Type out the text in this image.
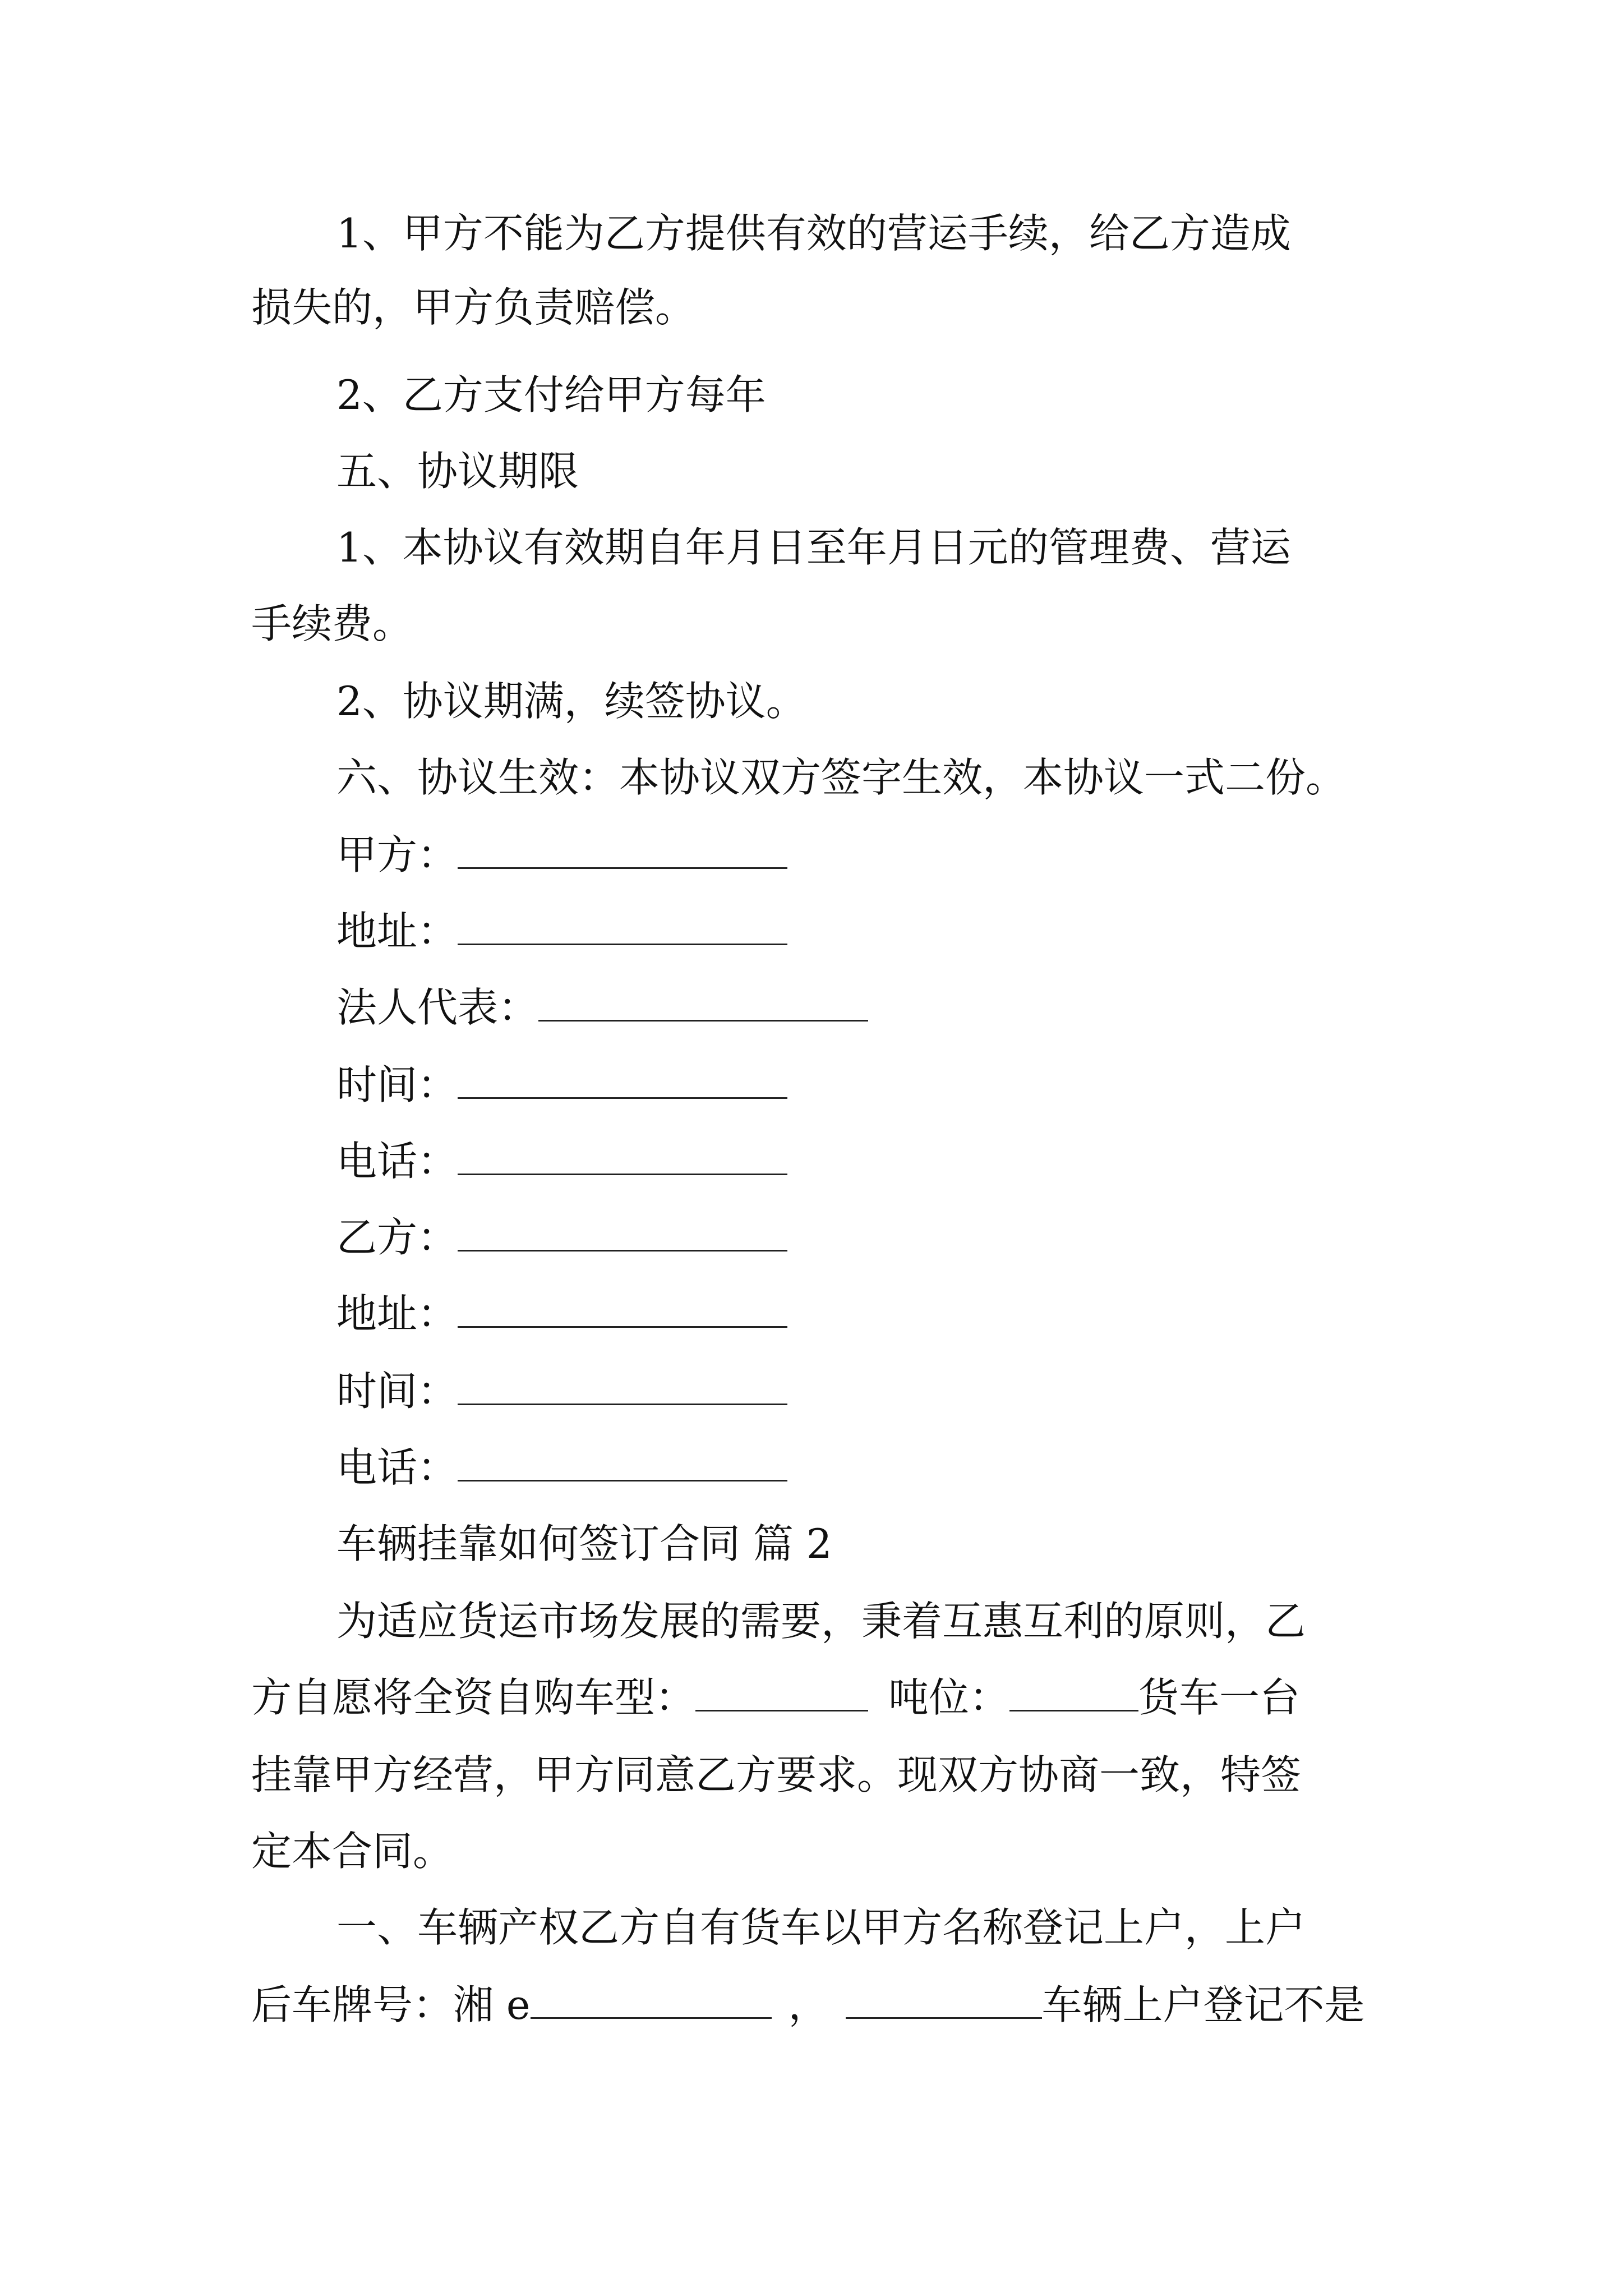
1、甲方不能为乙方提供有效的营运手续，给乙方造成
损失的，甲方负责赔偿。
2、乙方支付给甲方每年
五、协议期限
1、本协议有效期自年月日至年月日元的管理费、营运
手续费。
2、协议期满，续签协议。
六、协议生效：本协议双方签字生效，本协议一式二份。
甲方：
地址：
法人代表：
时间：
电话：
乙方：
地址：
时间：
电话：
车辆挂靠如何签订合同 篇 2
为适应货运市场发展的需要，秉着互惠互利的原则，乙
方自愿将全资自购车型：	吨位：	货车一台
挂靠甲方经营，甲方同意乙方要求。现双方协商一致，特签
定本合同。
一、车辆产权乙方自有货车以甲方名称登记上户，上户
后车牌号：湘 e	，	车辆上户登记不是
